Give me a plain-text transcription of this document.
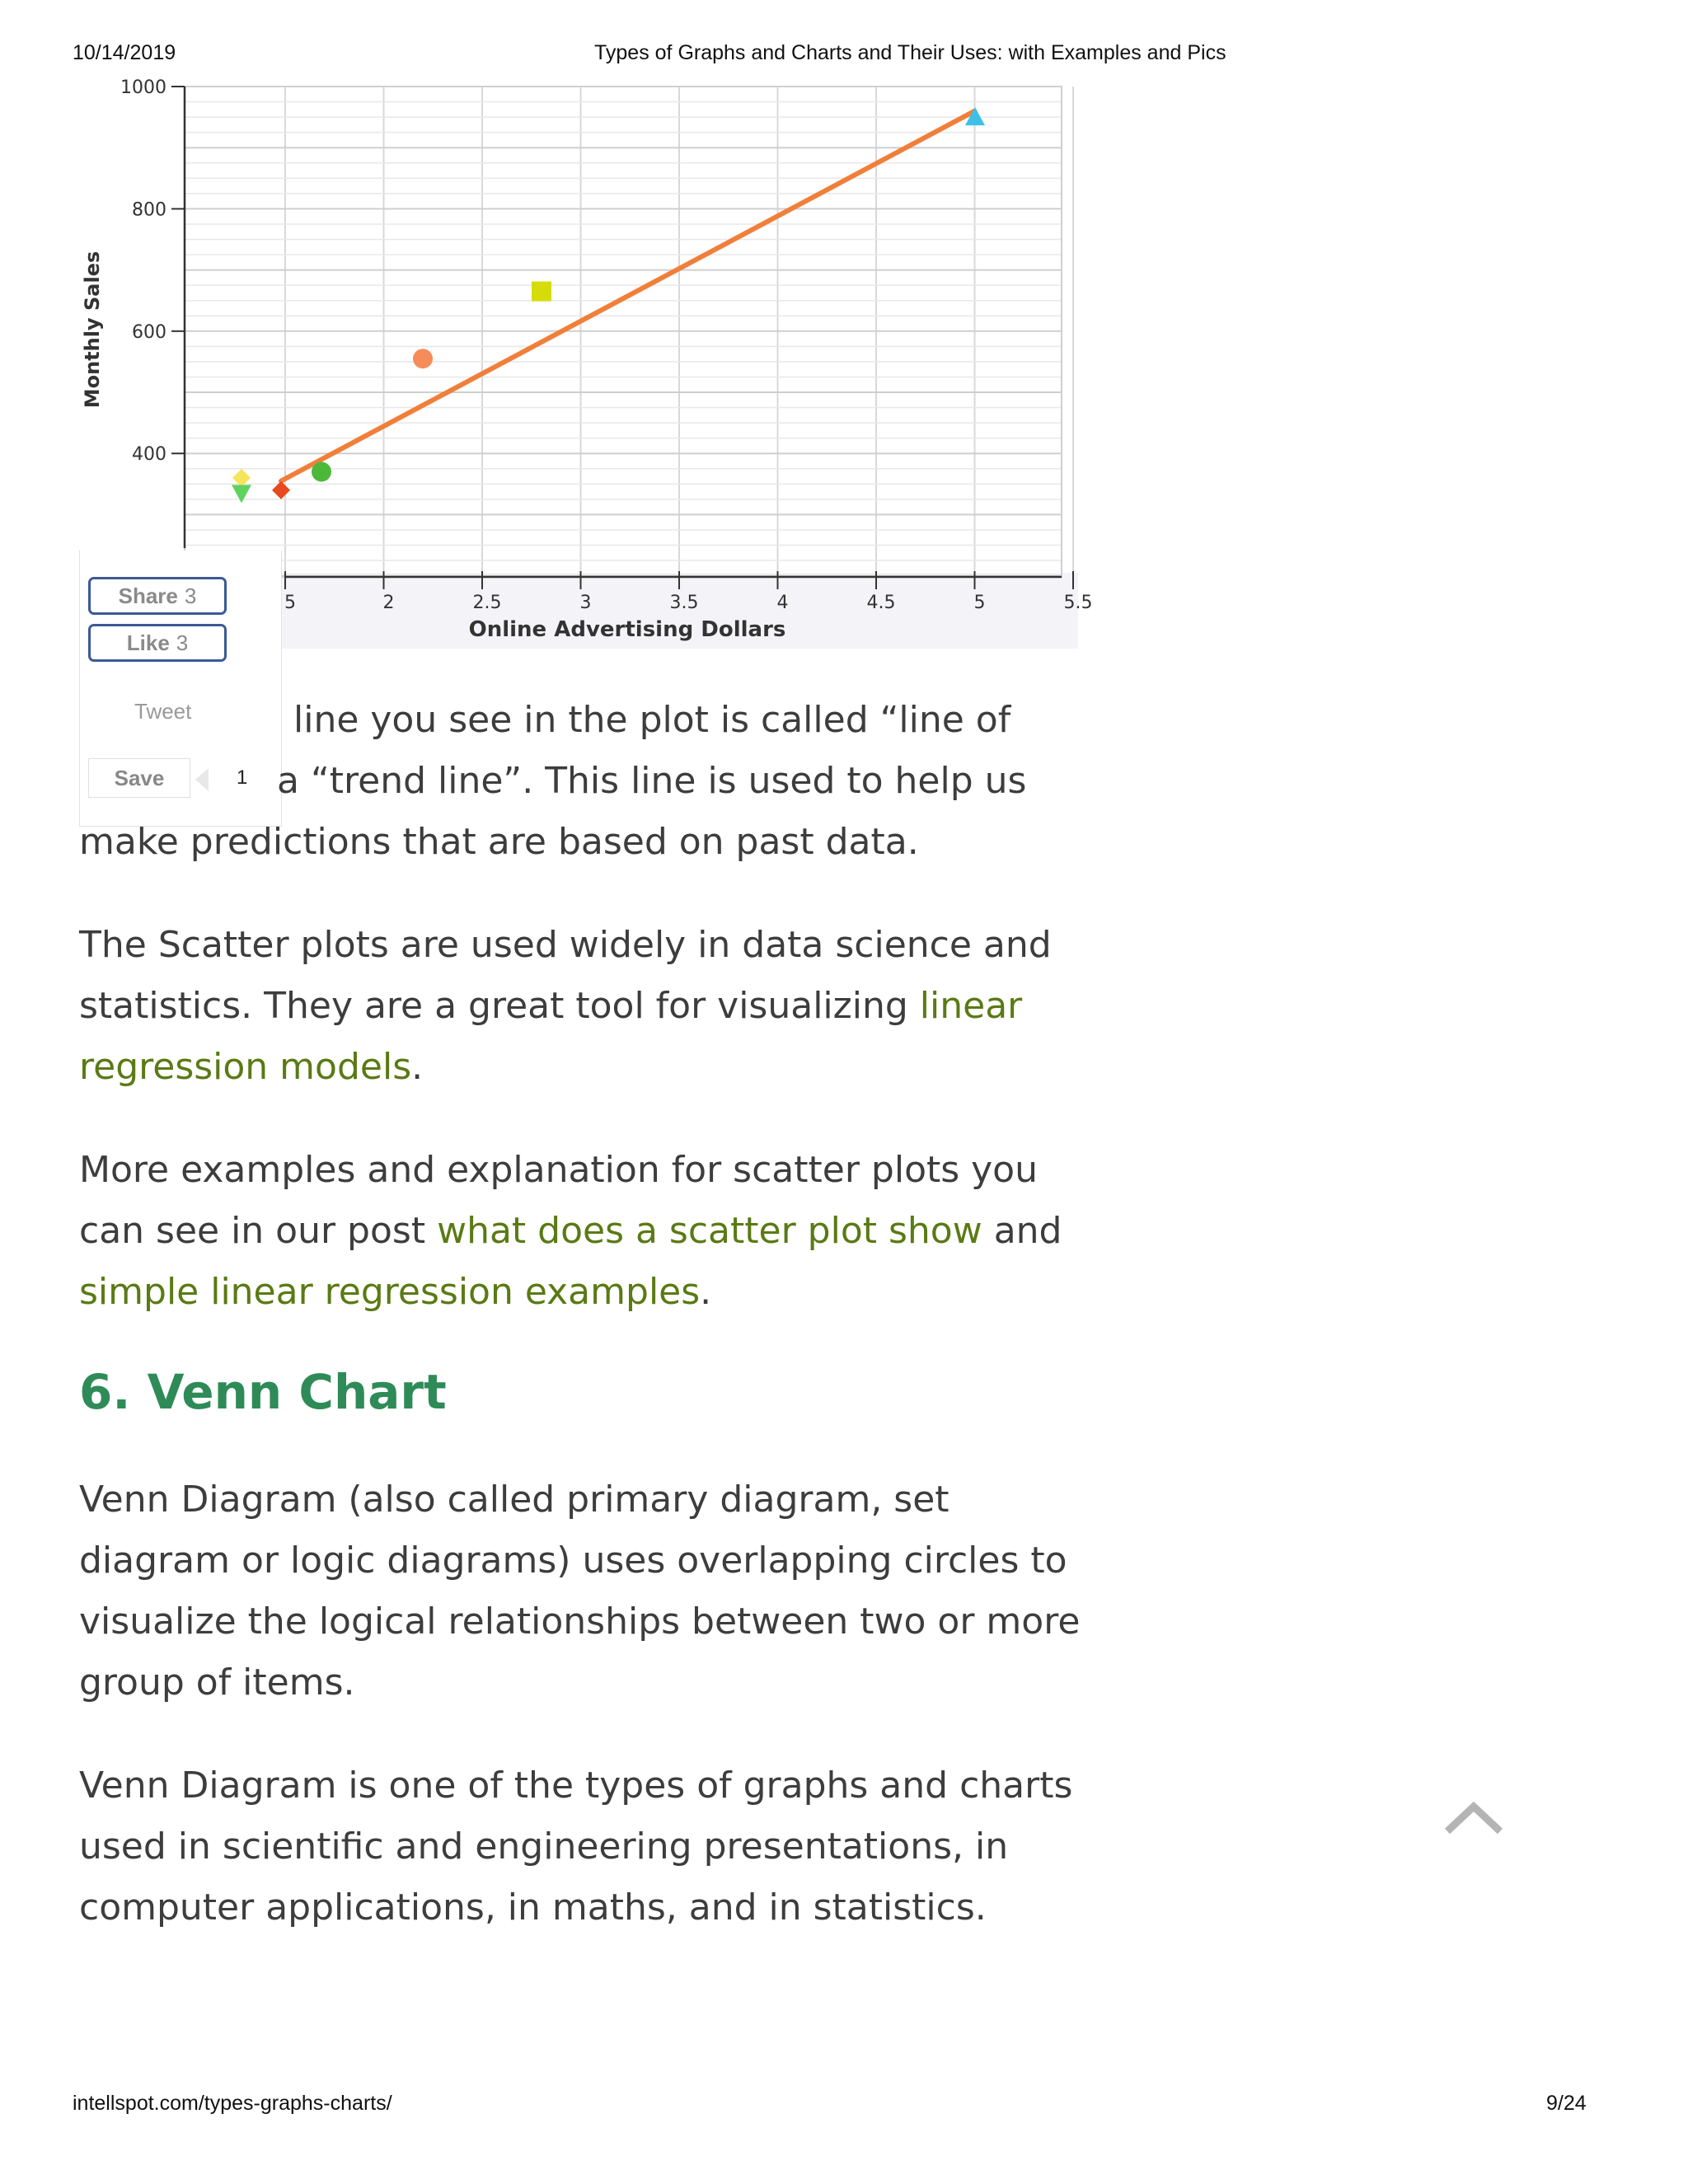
10/14/2019	Types of Graphs and Charts and Their Uses: with Examples and Pics
1000
800
600
400
5	2	2.5	3	3.5	4	4.5	5	5.5
Monthly Sales
Online Advertising Dollars
Share 3
Like 3
Tweet
Save	1

line you see in the plot is called “line of
a “trend line”. This line is used to help us
make predictions that are based on past data.

The Scatter plots are used widely in data science and
statistics. They are a great tool for visualizing linear
regression models.

More examples and explanation for scatter plots you
can see in our post what does a scatter plot show and
simple linear regression examples.

6. Venn Chart

Venn Diagram (also called primary diagram, set
diagram or logic diagrams) uses overlapping circles to
visualize the logical relationships between two or more
group of items.

Venn Diagram is one of the types of graphs and charts
used in scientific and engineering presentations, in
computer applications, in maths, and in statistics.

intellspot.com/types-graphs-charts/	9/24
